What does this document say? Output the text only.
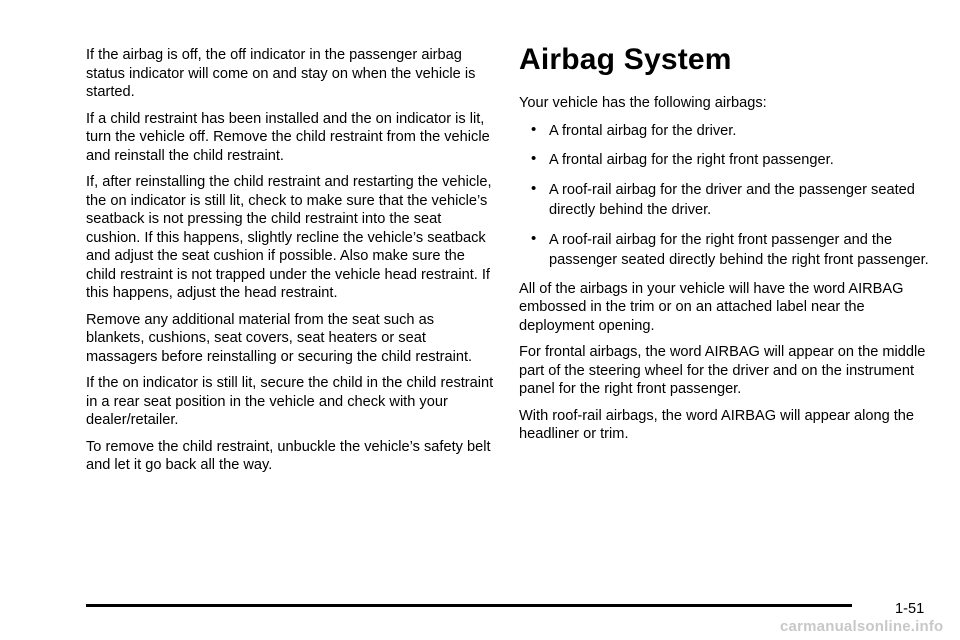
If the airbag is off, the off indicator in the passenger airbag status indicator will come on and stay on when the vehicle is started.

If a child restraint has been installed and the on indicator is lit, turn the vehicle off. Remove the child restraint from the vehicle and reinstall the child restraint.

If, after reinstalling the child restraint and restarting the vehicle, the on indicator is still lit, check to make sure that the vehicle’s seatback is not pressing the child restraint into the seat cushion. If this happens, slightly recline the vehicle’s seatback and adjust the seat cushion if possible. Also make sure the child restraint is not trapped under the vehicle head restraint. If this happens, adjust the head restraint.

Remove any additional material from the seat such as blankets, cushions, seat covers, seat heaters or seat massagers before reinstalling or securing the child restraint.

If the on indicator is still lit, secure the child in the child restraint in a rear seat position in the vehicle and check with your dealer/retailer.

To remove the child restraint, unbuckle the vehicle’s safety belt and let it go back all the way.

Airbag System

Your vehicle has the following airbags:

• A frontal airbag for the driver.
• A frontal airbag for the right front passenger.
• A roof-rail airbag for the driver and the passenger seated directly behind the driver.
• A roof-rail airbag for the right front passenger and the passenger seated directly behind the right front passenger.

All of the airbags in your vehicle will have the word AIRBAG embossed in the trim or on an attached label near the deployment opening.

For frontal airbags, the word AIRBAG will appear on the middle part of the steering wheel for the driver and on the instrument panel for the right front passenger.

With roof-rail airbags, the word AIRBAG will appear along the headliner or trim.

1-51
carmanualsonline.info
